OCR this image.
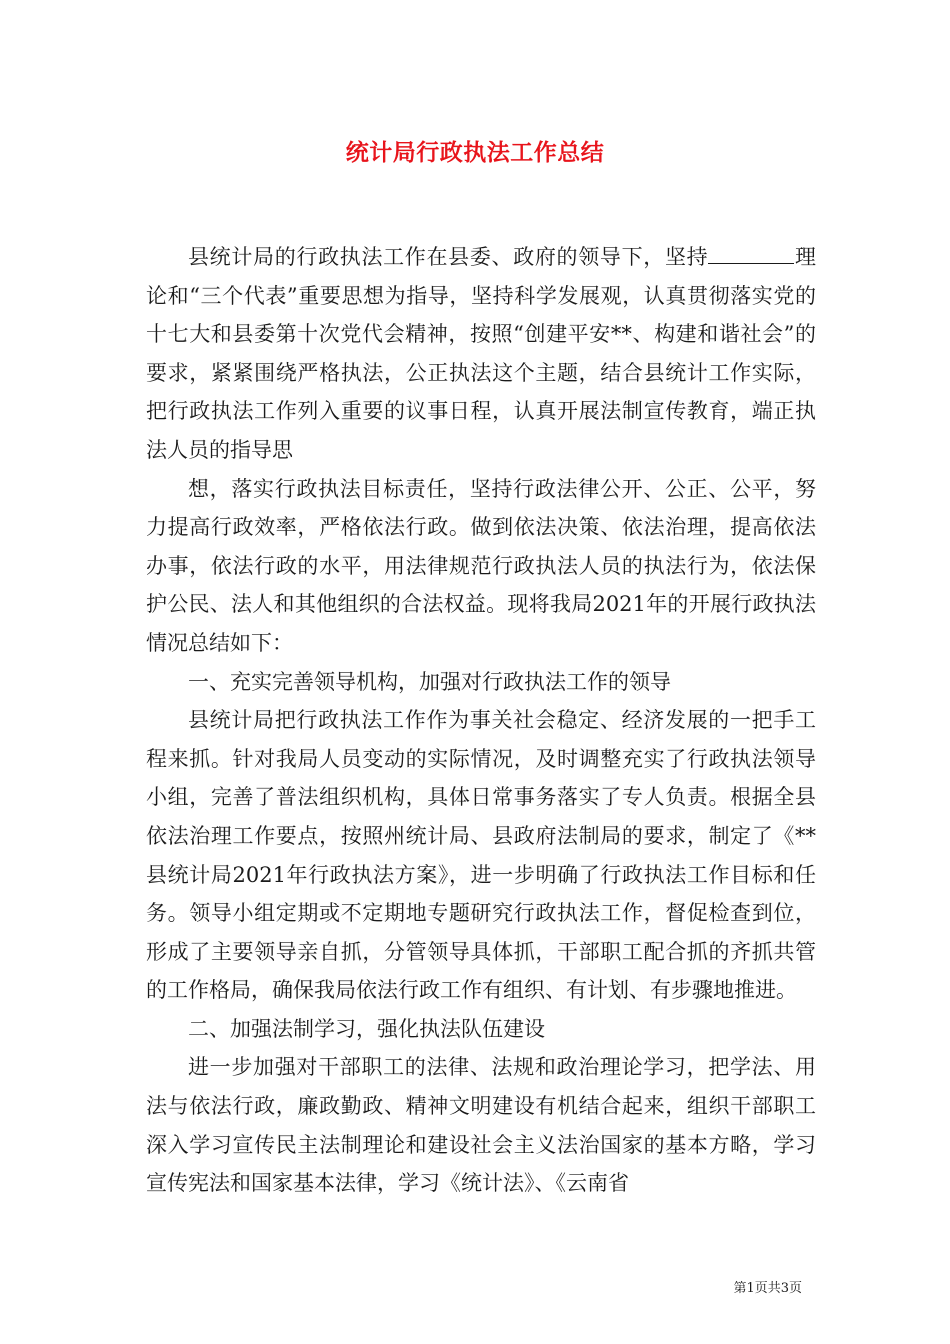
统计局行政执法工作总结

县统计局的行政执法工作在县委、政府的领导下，坚持	理论和“三个代表”重要思想为指导，坚持科学发展观，认真贯彻落实党的十七大和县委第十次党代会精神，按照“创建平安**、构建和谐社会”的要求，紧紧围绕严格执法，公正执法这个主题，结合县统计工作实际，把行政执法工作列入重要的议事日程，认真开展法制宣传教育，端正执法人员的指导思

想，落实行政执法目标责任，坚持行政法律公开、公正、公平，努力提高行政效率，严格依法行政。做到依法决策、依法治理，提高依法办事，依法行政的水平，用法律规范行政执法人员的执法行为，依法保护公民、法人和其他组织的合法权益。现将我局2021年的开展行政执法情况总结如下：

一、充实完善领导机构，加强对行政执法工作的领导

县统计局把行政执法工作作为事关社会稳定、经济发展的一把手工程来抓。针对我局人员变动的实际情况，及时调整充实了行政执法领导小组，完善了普法组织机构，具体日常事务落实了专人负责。根据全县依法治理工作要点，按照州统计局、县政府法制局的要求，制定了《**县统计局2021年行政执法方案》，进一步明确了行政执法工作目标和任务。领导小组定期或不定期地专题研究行政执法工作，督促检查到位，形成了主要领导亲自抓，分管领导具体抓，干部职工配合抓的齐抓共管的工作格局，确保我局依法行政工作有组织、有计划、有步骤地推进。

二、加强法制学习，强化执法队伍建设

进一步加强对干部职工的法律、法规和政治理论学习，把学法、用法与依法行政，廉政勤政、精神文明建设有机结合起来，组织干部职工深入学习宣传民主法制理论和建设社会主义法治国家的基本方略，学习宣传宪法和国家基本法律，学习《统计法》、《云南省

第1页共3页
